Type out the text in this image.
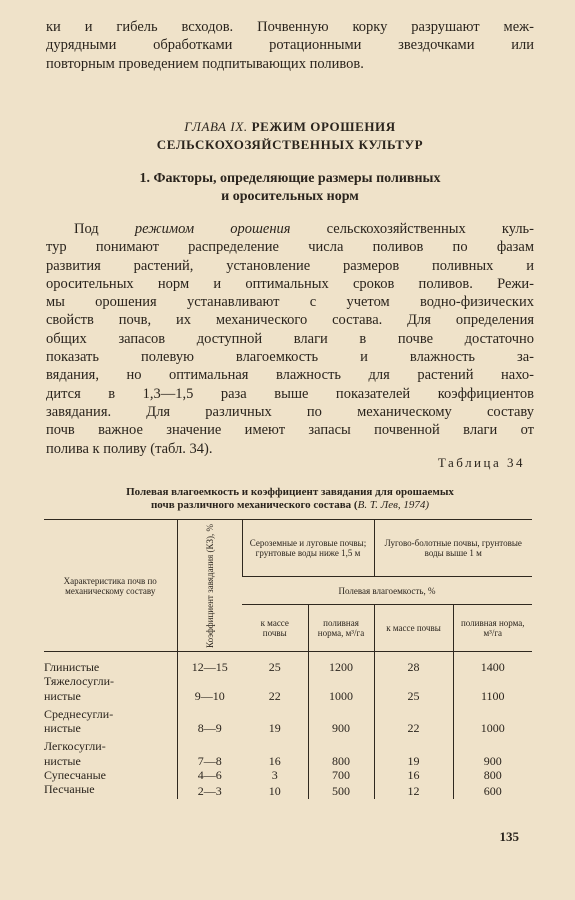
ки и гибель всходов. Почвенную корку разрушают меж-
дурядными обработками ротационными звездочками или
повторным проведением подпитывающих поливов.
ГЛАВА IX. РЕЖИМ ОРОШЕНИЯ
СЕЛЬСКОХОЗЯЙСТВЕННЫХ КУЛЬТУР
1. Факторы, определяющие размеры поливных
и оросительных норм
Под режимом орошения сельскохозяйственных куль-
тур понимают распределение числа поливов по фазам
развития растений, установление размеров поливных и
оросительных норм и оптимальных сроков поливов. Режи-
мы орошения устанавливают с учетом водно-физических
свойств почв, их механического состава. Для определения
общих запасов доступной влаги в почве достаточно
показать полевую влагоемкость и влажность за-
вядания, но оптимальная влажность для растений нахо-
дится в 1,3—1,5 раза выше показателей коэффициентов
завядания. Для различных по механическому составу
почв важное значение имеют запасы почвенной влаги от
полива к поливу (табл. 34).
Таблица 34
Полевая влагоемкость и коэффициент завядания для орошаемых
почв различного механического состава (В. Т. Лев, 1974)
Характеристика почв по механическому составу	Коэффициент завядания (КЗ), %	Сероземные и луговые почвы; грунтовые воды ниже 1,5 м		Лугово-болотные почвы, грунтовые воды выше 1 м	
		Полевая влагоемкость, %			
		к массе почвы	поливная норма, м³/га	к массе почвы	поливная норма, м³/га
Глинистые	12—15	25	1200	28	1400
Тяжелосугли-					
нистые	9—10	22	1000	25	1100
Среднесугли-					
нистые	8—9	19	900	22	1000
Легкосугли-					
нистые	7—8	16	800	19	900
Супесчаные	4—6	3	700	16	800
Песчаные	2—3	10	500	12	600
135
